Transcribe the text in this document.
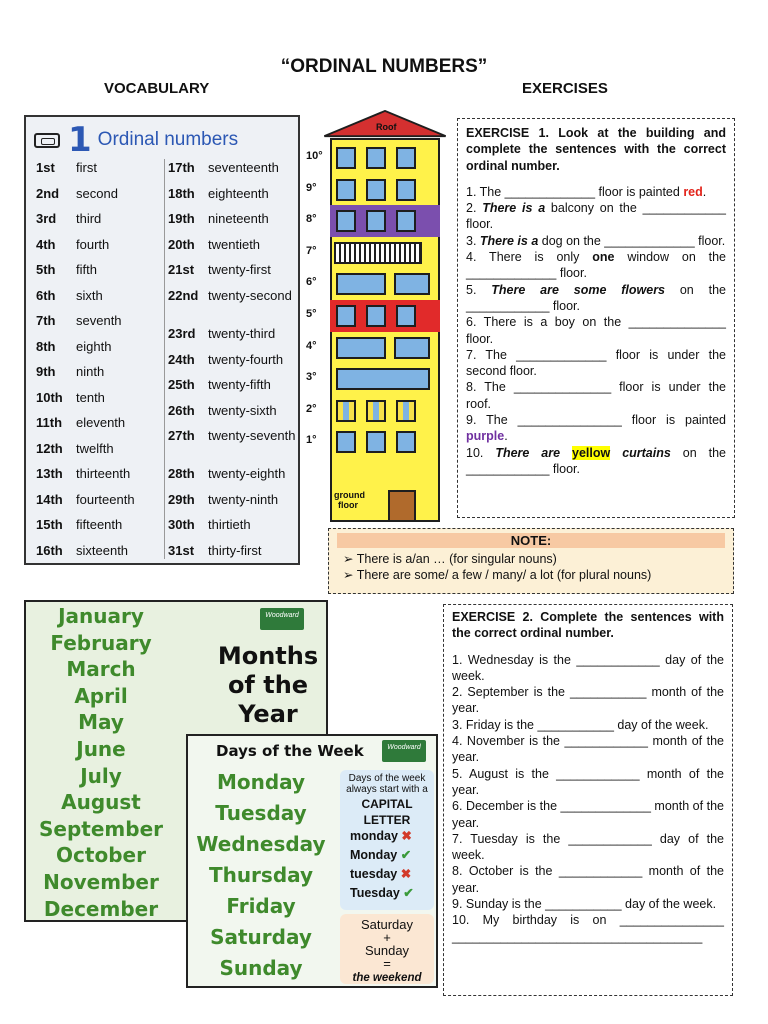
“ORDINAL NUMBERS”
VOCABULARY	EXERCISES
1 Ordinal numbers
1st	first
2nd	second
3rd	third
4th	fourth
5th	fifth
6th	sixth
7th	seventh
8th	eighth
9th	ninth
10th	tenth
11th	eleventh
12th	twelfth
13th	thirteenth
14th	fourteenth
15th	fifteenth
16th	sixteenth
17th	seventeenth
18th	eighteenth
19th	nineteenth
20th	twentieth
21st	twenty-first
22nd twenty-second
23rd twenty-third
24th	twenty-fourth
25th	twenty-fifth
26th	twenty-sixth
27th	twenty-seventh
28th	twenty-eighth
29th	twenty-ninth
30th	thirtieth
31st	thirty-first
Roof
10°
9°
8°
7°
6°
5°
4°
3°
2°
1°
ground
floor
EXERCISE 1. Look at the building and complete the sentences with the correct ordinal number.
1. The _____________ floor is painted red.
2. There is a balcony on the ____________ floor.
3. There is a dog on the _____________ floor.
4. There is only one window on the _____________ floor.
5. There are some flowers on the ____________ floor.
6. There is a boy on the ______________ floor.
7. The _____________ floor is under the second floor.
8. The ______________ floor is under the roof.
9. The _______________ floor is painted purple.
10. There are yellow curtains on the ____________ floor.
NOTE:
➢ There is a/an … (for singular nouns)
➢ There are some/ a few / many/ a lot (for plural nouns)
Woodward
January
February
March
April
May
June
July
August
September
October
November
December
Months
of the
Year
Days of the Week	Woodward
Monday
Tuesday
Wednesday
Thursday
Friday
Saturday
Sunday
Days of the week
always start with a
CAPITAL
LETTER
monday ✖
Monday ✔
tuesday ✖
Tuesday ✔
Saturday
+
Sunday
=
the weekend
EXERCISE 2. Complete the sentences with the correct ordinal number.
1. Wednesday is the ____________ day of the week.
2. September is the ___________ month of the year.
3. Friday is the ___________ day of the week.
4. November is the ____________ month of the year.
5. August is the ____________ month of the year.
6. December is the _____________ month of the year.
7. Tuesday is the ____________ day of the week.
8. October is the ____________ month of the year.
9. Sunday is the ___________ day of the week.
10. My birthday is on _______________ ____________________________________
